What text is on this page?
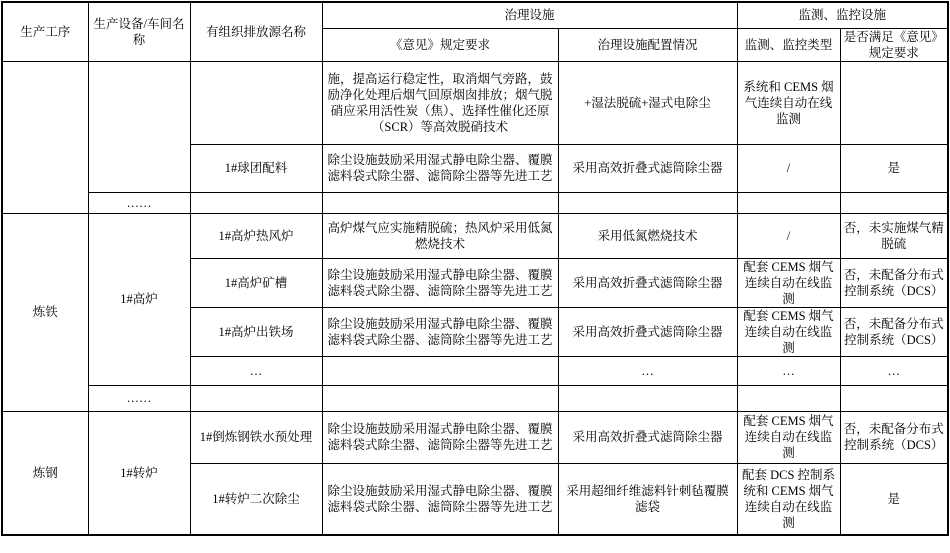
生产工序	生产设备/车间名称	有组织排放源名称	治理设施		监测、监控设施	
			《意见》规定要求	治理设施配置情况	监测、监控类型	是否满足《意见》规定要求
			施，提高运行稳定性，取消烟气旁路，鼓励净化处理后烟气回原烟囱排放；烟气脱硝应采用活性炭（焦）、选择性催化还原（SCR）等高效脱硝技术	+湿法脱硫+湿式电除尘	系统和 CEMS 烟气连续自动在线监测	
		1#球团配料	除尘设施鼓励采用湿式静电除尘器、覆膜滤料袋式除尘器、滤筒除尘器等先进工艺	采用高效折叠式滤筒除尘器	/	是
	……					
炼铁	1#高炉	1#高炉热风炉	高炉煤气应实施精脱硫；热风炉采用低氮燃烧技术	采用低氮燃烧技术	/	否，未实施煤气精脱硫
		1#高炉矿槽	除尘设施鼓励采用湿式静电除尘器、覆膜滤料袋式除尘器、滤筒除尘器等先进工艺	采用高效折叠式滤筒除尘器	配套 CEMS 烟气连续自动在线监测	否，未配备分布式控制系统（DCS）
		1#高炉出铁场	除尘设施鼓励采用湿式静电除尘器、覆膜滤料袋式除尘器、滤筒除尘器等先进工艺	采用高效折叠式滤筒除尘器	配套 CEMS 烟气连续自动在线监测	否，未配备分布式控制系统（DCS）
		…		…	…	…
	……					
炼钢	1#转炉	1#倒炼钢铁水预处理	除尘设施鼓励采用湿式静电除尘器、覆膜滤料袋式除尘器、滤筒除尘器等先进工艺	采用高效折叠式滤筒除尘器	配套 CEMS 烟气连续自动在线监测	否，未配备分布式控制系统（DCS）
		1#转炉二次除尘	除尘设施鼓励采用湿式静电除尘器、覆膜滤料袋式除尘器、滤筒除尘器等先进工艺	采用超细纤维滤料针刺毡覆膜滤袋	配套 DCS 控制系统和 CEMS 烟气连续自动在线监测	是
